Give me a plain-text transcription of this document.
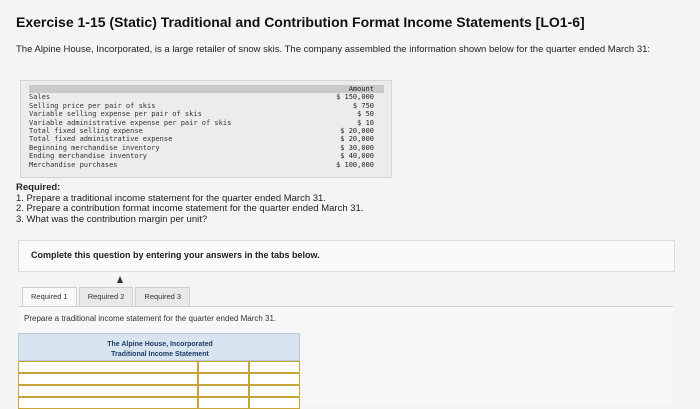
Exercise 1-15 (Static) Traditional and Contribution Format Income Statements [LO1-6]
The Alpine House, Incorporated, is a large retailer of snow skis. The company assembled the information shown below for the quarter ended March 31:
	Amount
Sales	$ 150,000
Selling price per pair of skis	$ 750
Variable selling expense per pair of skis	$ 50
Variable administrative expense per pair of skis	$ 10
Total fixed selling expense	$ 20,000
Total fixed administrative expense	$ 20,000
Beginning merchandise inventory	$ 30,000
Ending merchandise inventory	$ 40,000
Merchandise purchases	$ 100,000
Required:
1. Prepare a traditional income statement for the quarter ended March 31.
2. Prepare a contribution format income statement for the quarter ended March 31.
3. What was the contribution margin per unit?
Complete this question by entering your answers in the tabs below.
Required 1	Required 2	Required 3
Prepare a traditional income statement for the quarter ended March 31.
The Alpine House, Incorporated
Traditional Income Statement
